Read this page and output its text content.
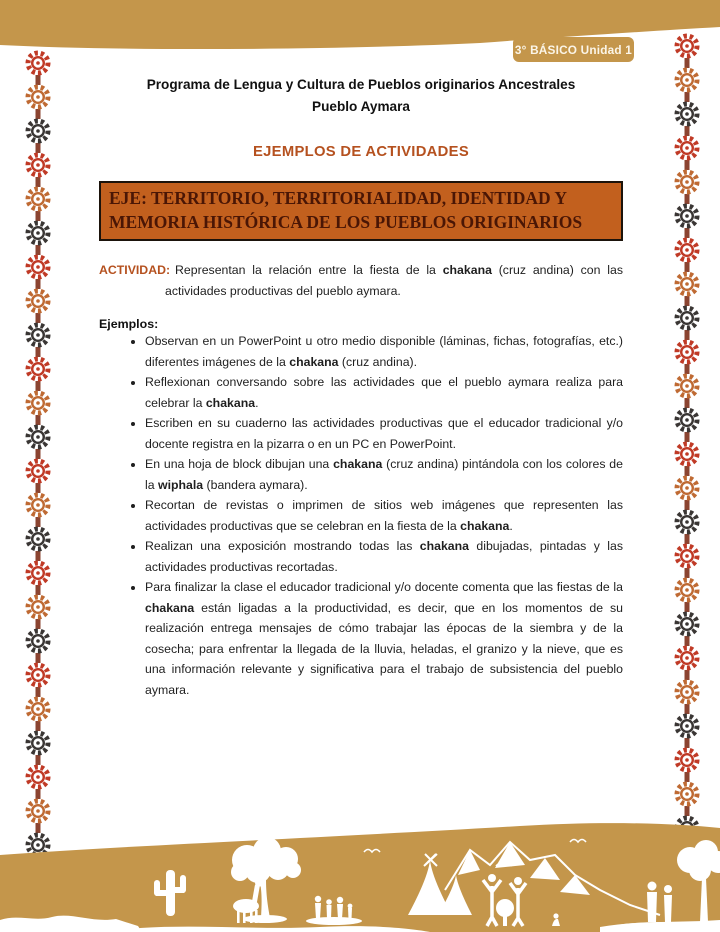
3° BÁSICO Unidad 1
Programa de Lengua y Cultura de Pueblos originarios Ancestrales
Pueblo Aymara
EJEMPLOS DE ACTIVIDADES
EJE: TERRITORIO, TERRITORIALIDAD, IDENTIDAD Y
MEMORIA HISTÓRICA DE LOS PUEBLOS ORIGINARIOS

ACTIVIDAD: Representan la relación entre la fiesta de la chakana (cruz andina) con las actividades productivas del pueblo aymara.

Ejemplos:
• Observan en un PowerPoint u otro medio disponible (láminas, fichas, fotografías, etc.) diferentes imágenes de la chakana (cruz andina).
• Reflexionan conversando sobre las actividades que el pueblo aymara realiza para celebrar la chakana.
• Escriben en su cuaderno las actividades productivas que el educador tradicional y/o docente registra en la pizarra o en un PC en PowerPoint.
• En una hoja de block dibujan una chakana (cruz andina) pintándola con los colores de la wiphala (bandera aymara).
• Recortan de revistas o imprimen de sitios web imágenes que representen las actividades productivas que se celebran en la fiesta de la chakana.
• Realizan una exposición mostrando todas las chakana dibujadas, pintadas y las actividades productivas recortadas.
• Para finalizar la clase el educador tradicional y/o docente comenta que las fiestas de la chakana están ligadas a la productividad, es decir, que en los momentos de su realización entrega mensajes de cómo trabajar las épocas de la siembra y de la cosecha; para enfrentar la llegada de la lluvia, heladas, el granizo y la nieve, que es una información relevante y significativa para el trabajo de subsistencia del pueblo aymara.
